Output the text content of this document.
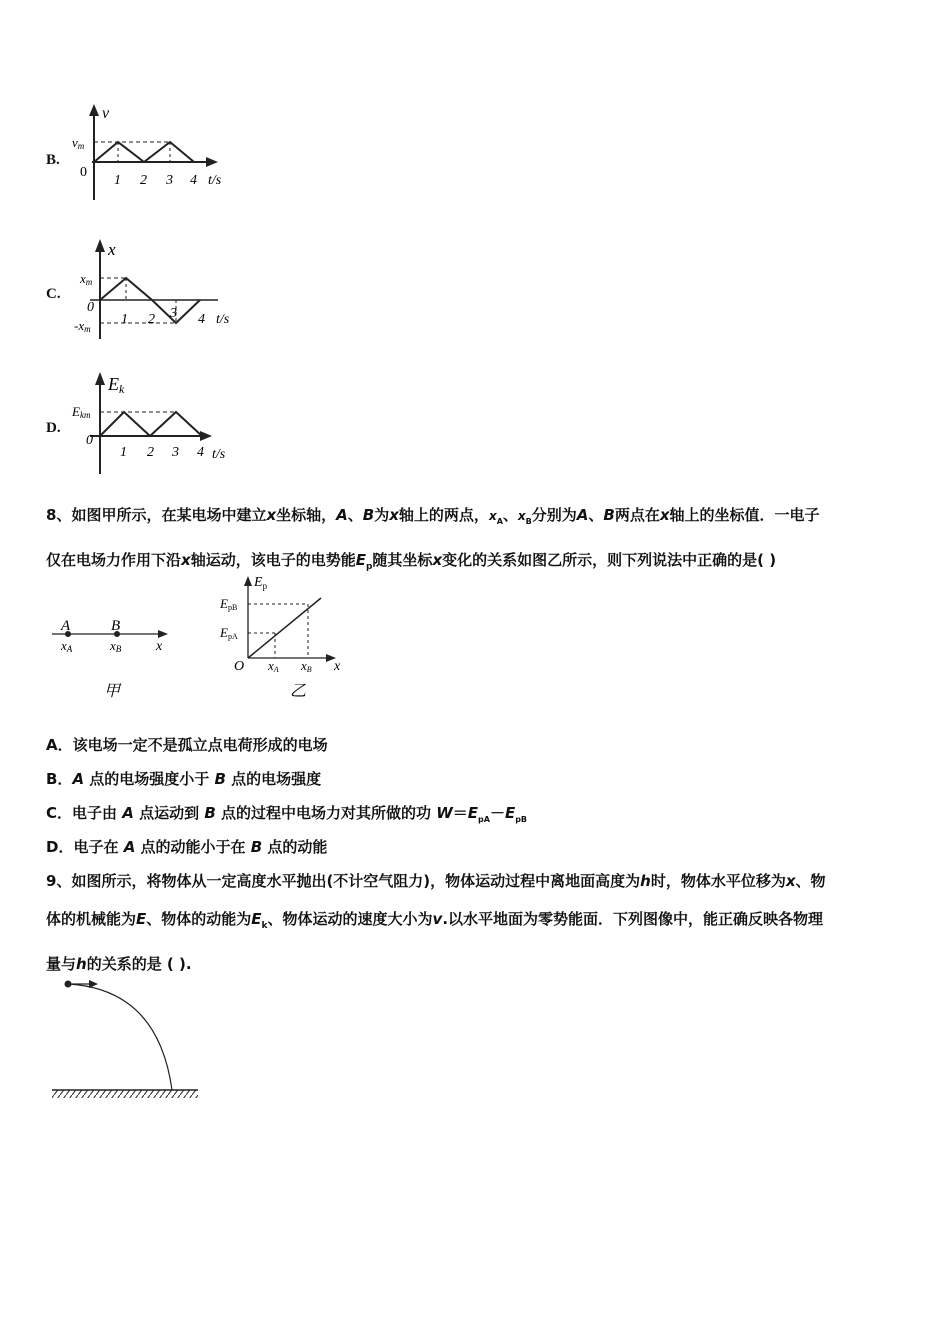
B.
v
vm
0
1 2 3 4 t/s
C.
x
xm
0
-xm
1 2 3 4 t/s
D.
Ek
Ekm
0
1 2 3 4 t/s
8、如图甲所示，在某电场中建立x坐标轴，A、B为x轴上的两点，$x_A$、$x_B$分别为A、B两点在x轴上的坐标值．一电子
仅在电场力作用下沿x轴运动，该电子的电势能$E_p$随其坐标x变化的关系如图乙所示，则下列说法中正确的是( )
A	B
xA	xB x
甲
$E_p$
EpB
EpA
O xA xB x
乙
A．该电场一定不是孤立点电荷形成的电场
B．A 点的电场强度小于 B 点的电场强度
C．电子由 A 点运动到 B 点的过程中电场力对其所做的功 $W=E_{pA}-E_{pB}$
D．电子在 A 点的动能小于在 B 点的动能
9、如图所示，将物体从一定高度水平抛出(不计空气阻力)，物体运动过程中离地面高度为h时，物体水平位移为x、物
体的机械能为E、物体的动能为$E_k$、物体运动的速度大小为v.以水平地面为零势能面．下列图像中，能正确反映各物理
量与h的关系的是 ( ).
